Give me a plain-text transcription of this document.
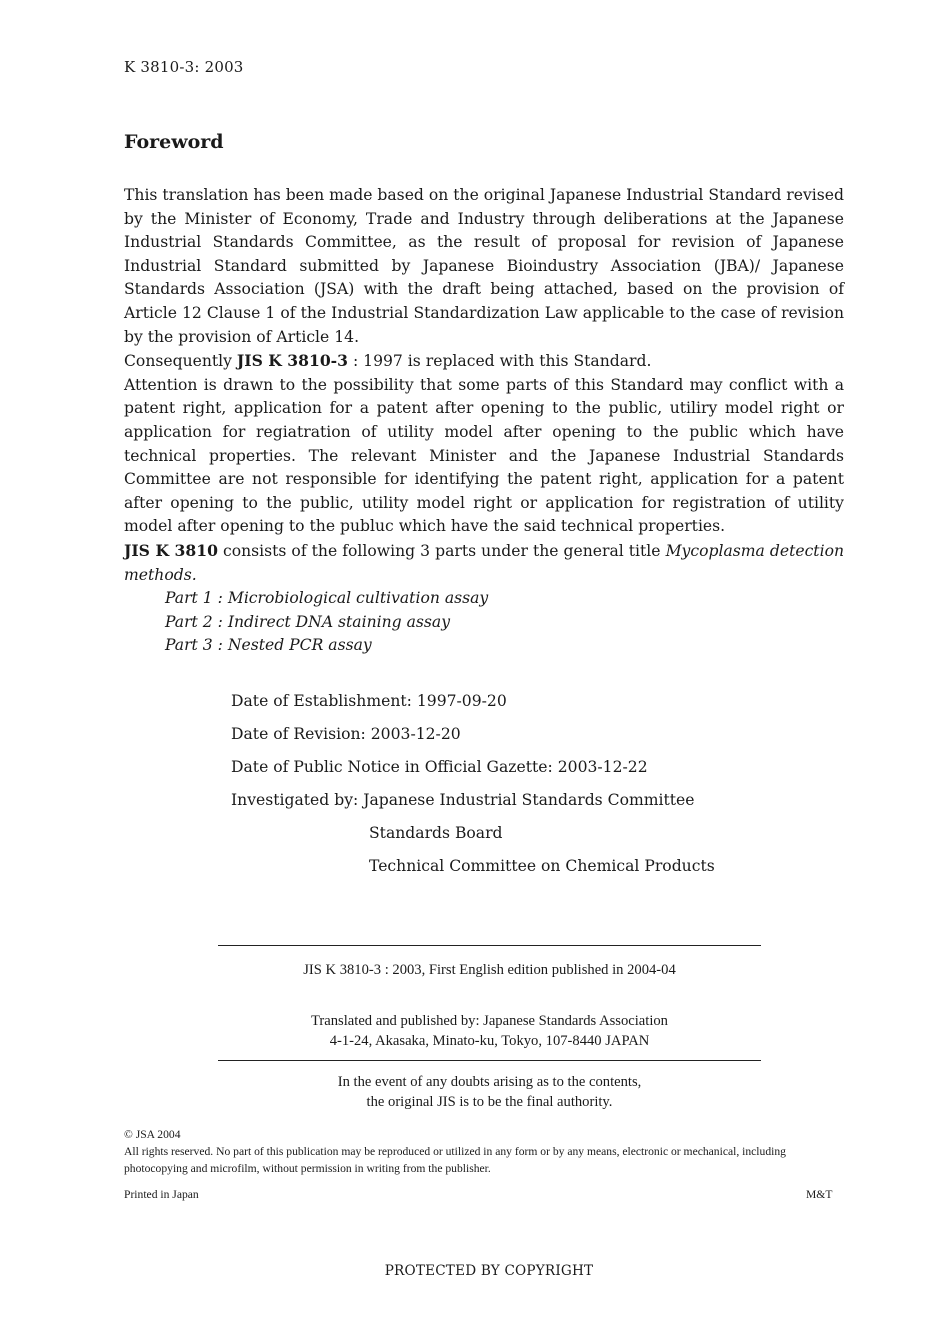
K 3810-3: 2003
Foreword

This translation has been made based on the original Japanese Industrial Standard revised by the Minister of Economy, Trade and Industry through deliberations at the Japanese Industrial Standards Committee, as the result of proposal for revision of Japanese Industrial Standard submitted by Japanese Bioindustry Association (JBA)/ Japanese Standards Association (JSA) with the draft being attached, based on the provision of Article 12 Clause 1 of the Industrial Standardization Law applicable to the case of revision by the provision of Article 14.

Consequently JIS K 3810-3 : 1997 is replaced with this Standard.

Attention is drawn to the possibility that some parts of this Standard may conflict with a patent right, application for a patent after opening to the public, utiliry model right or application for regiatration of utility model after opening to the public which have technical properties. The relevant Minister and the Japanese Industrial Standards Committee are not responsible for identifying the patent right, application for a patent after opening to the public, utility model right or application for registration of utility model after opening to the publuc which have the said technical properties.

JIS K 3810 consists of the following 3 parts under the general title Mycoplasma detection methods.

Part 1 : Microbiological cultivation assay
Part 2 : Indirect DNA staining assay
Part 3 : Nested PCR assay
Date of Establishment: 1997-09-20
Date of Revision: 2003-12-20
Date of Public Notice in Official Gazette: 2003-12-22
Investigated by: Japanese Industrial Standards Committee
Standards Board
Technical Committee on Chemical Products
JIS K 3810-3 : 2003, First English edition published in 2004-04
Translated and published by: Japanese Standards Association
4-1-24, Akasaka, Minato-ku, Tokyo, 107-8440 JAPAN
In the event of any doubts arising as to the contents,
the original JIS is to be the final authority.
© JSA 2004
All rights reserved. No part of this publication may be reproduced or utilized in any form or by any means, electronic or mechanical, including photocopying and microfilm, without permission in writing from the publisher.
Printed in Japan	M&T
PROTECTED BY COPYRIGHT
